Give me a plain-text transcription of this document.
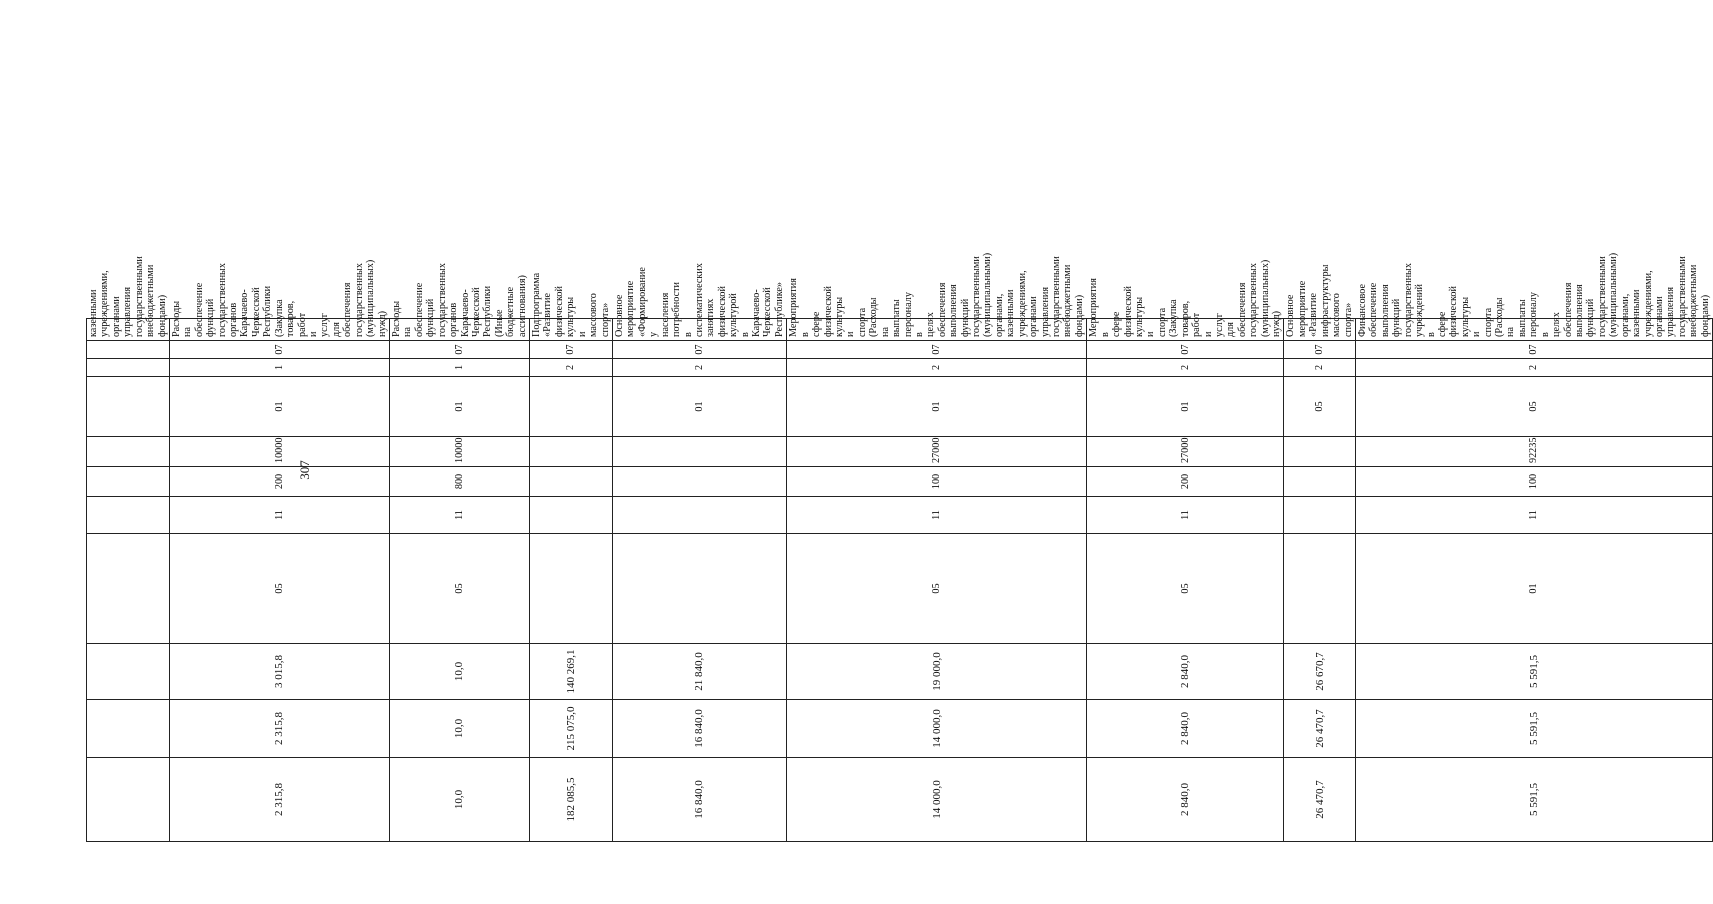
307
										казенными учреждениями, органами управления государственными внебюджетными фондами)
2 315,8	2 315,8	3 015,8	05	11	200	10000	01	1	07	Расходы на обеспечение функций государственных органов Карачаево-Черкесской Республики (Закупка товаров, работ и услуг для обеспечения государственных (муниципальных) нужд)
10,0	10,0	10,0	05	11	800	10000	01	1	07	Расходы на обеспечение функций государственных органов Карачаево-Черкесской Республики (Иные бюджетные ассигнования)
182 085,5	215 075,0	140 269,1						2	07	Подпрограмма «Развитие физической культуры и массового спорта»
16 840,0	16 840,0	21 840,0					01	2	07	Основное мероприятие «Формирование у населения потребности в систематических занятиях физической культурой в Карачаево-Черкесской Республике»
14 000,0	14 000,0	19 000,0	05	11	100	27000	01	2	07	Мероприятия в сфере физической культуры и спорта (Расходы на выплаты персоналу в целях обеспечения выполнения функций государственными (муниципальными) органами, казенными учреждениями, органами управления государственными внебюджетными фондами)
2 840,0	2 840,0	2 840,0	05	11	200	27000	01	2	07	Мероприятия в сфере физической культуры и спорта (Закупка товаров, работ и услуг для обеспечения государственных (муниципальных) нужд)
26 470,7	26 470,7	26 670,7					05	2	07	Основное мероприятие «Развитие инфраструктуры массового спорта»
5 591,5	5 591,5	5 591,5	01	11	100	92235	05	2	07	Финансовое обеспечение выполнения функций государственных учреждений в сфере физической культуры и спорта (Расходы на выплаты персоналу в целях обеспечения выполнения функций государственными (муниципальными) органами, казенными учреждениями, органами управления государственными внебюджетными фондами)
